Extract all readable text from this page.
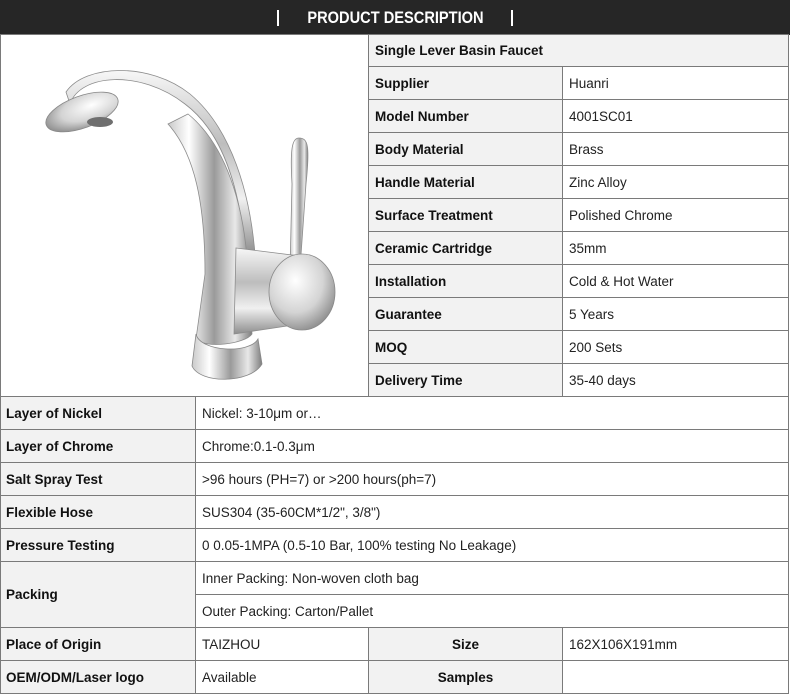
PRODUCT DESCRIPTION
Single Lever Basin Faucet
Supplier	Huanri
Model Number	4001SC01
Body Material	Brass
Handle Material	Zinc Alloy
Surface Treatment	Polished Chrome
Ceramic Cartridge	35mm
Installation	Cold & Hot Water
Guarantee	5 Years
MOQ	200 Sets
Delivery Time	35-40 days
Layer of Nickel	Nickel: 3-10μm or…
Layer of Chrome	Chrome:0.1-0.3μm
Salt Spray Test	>96 hours (PH=7) or >200 hours(ph=7)
Flexible Hose	SUS304 (35-60CM*1/2", 3/8")
Pressure Testing	0 0.05-1MPA (0.5-10 Bar, 100% testing No Leakage)
Packing
Inner Packing: Non-woven cloth bag
Outer Packing: Carton/Pallet
Place of Origin	TAIZHOU	Size	162X106X191mm
OEM/ODM/Laser logo	Available	Samples
